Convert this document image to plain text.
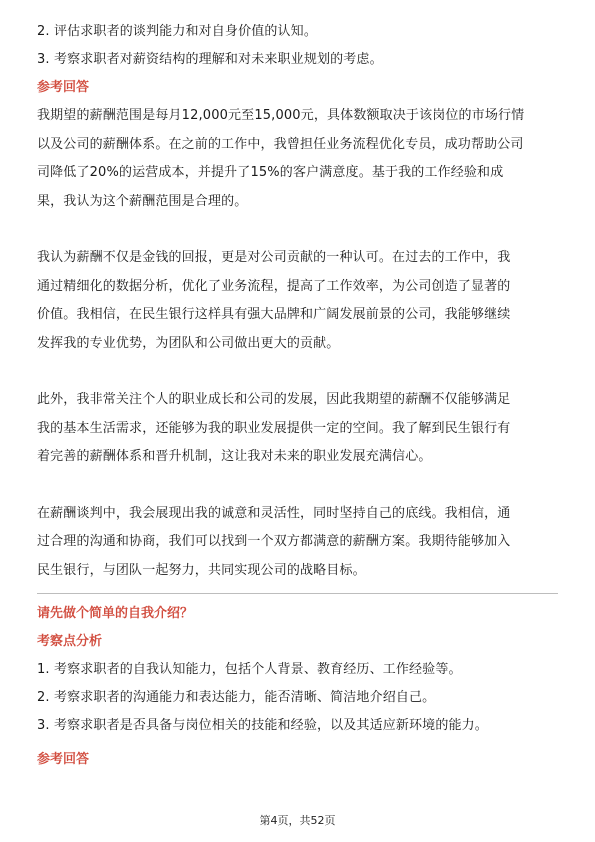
2. 评估求职者的谈判能力和对自身价值的认知。
3. 考察求职者对薪资结构的理解和对未来职业规划的考虑。
参考回答
我期望的薪酬范围是每月12,000元至15,000元，具体数额取决于该岗位的市场行情
以及公司的薪酬体系。在之前的工作中，我曾担任业务流程优化专员，成功帮助公司
司降低了20%的运营成本，并提升了15%的客户满意度。基于我的工作经验和成
果，我认为这个薪酬范围是合理的。
我认为薪酬不仅是金钱的回报，更是对公司贡献的一种认可。在过去的工作中，我
通过精细化的数据分析，优化了业务流程，提高了工作效率，为公司创造了显著的
价值。我相信，在民生银行这样具有强大品牌和广阔发展前景的公司，我能够继续
发挥我的专业优势，为团队和公司做出更大的贡献。
此外，我非常关注个人的职业成长和公司的发展，因此我期望的薪酬不仅能够满足
我的基本生活需求，还能够为我的职业发展提供一定的空间。我了解到民生银行有
着完善的薪酬体系和晋升机制，这让我对未来的职业发展充满信心。
在薪酬谈判中，我会展现出我的诚意和灵活性，同时坚持自己的底线。我相信，通
过合理的沟通和协商，我们可以找到一个双方都满意的薪酬方案。我期待能够加入
民生银行，与团队一起努力，共同实现公司的战略目标。
请先做个简单的自我介绍？
考察点分析
1. 考察求职者的自我认知能力，包括个人背景、教育经历、工作经验等。
2. 考察求职者的沟通能力和表达能力，能否清晰、简洁地介绍自己。
3. 考察求职者是否具备与岗位相关的技能和经验，以及其适应新环境的能力。
参考回答
第4页，共52页
